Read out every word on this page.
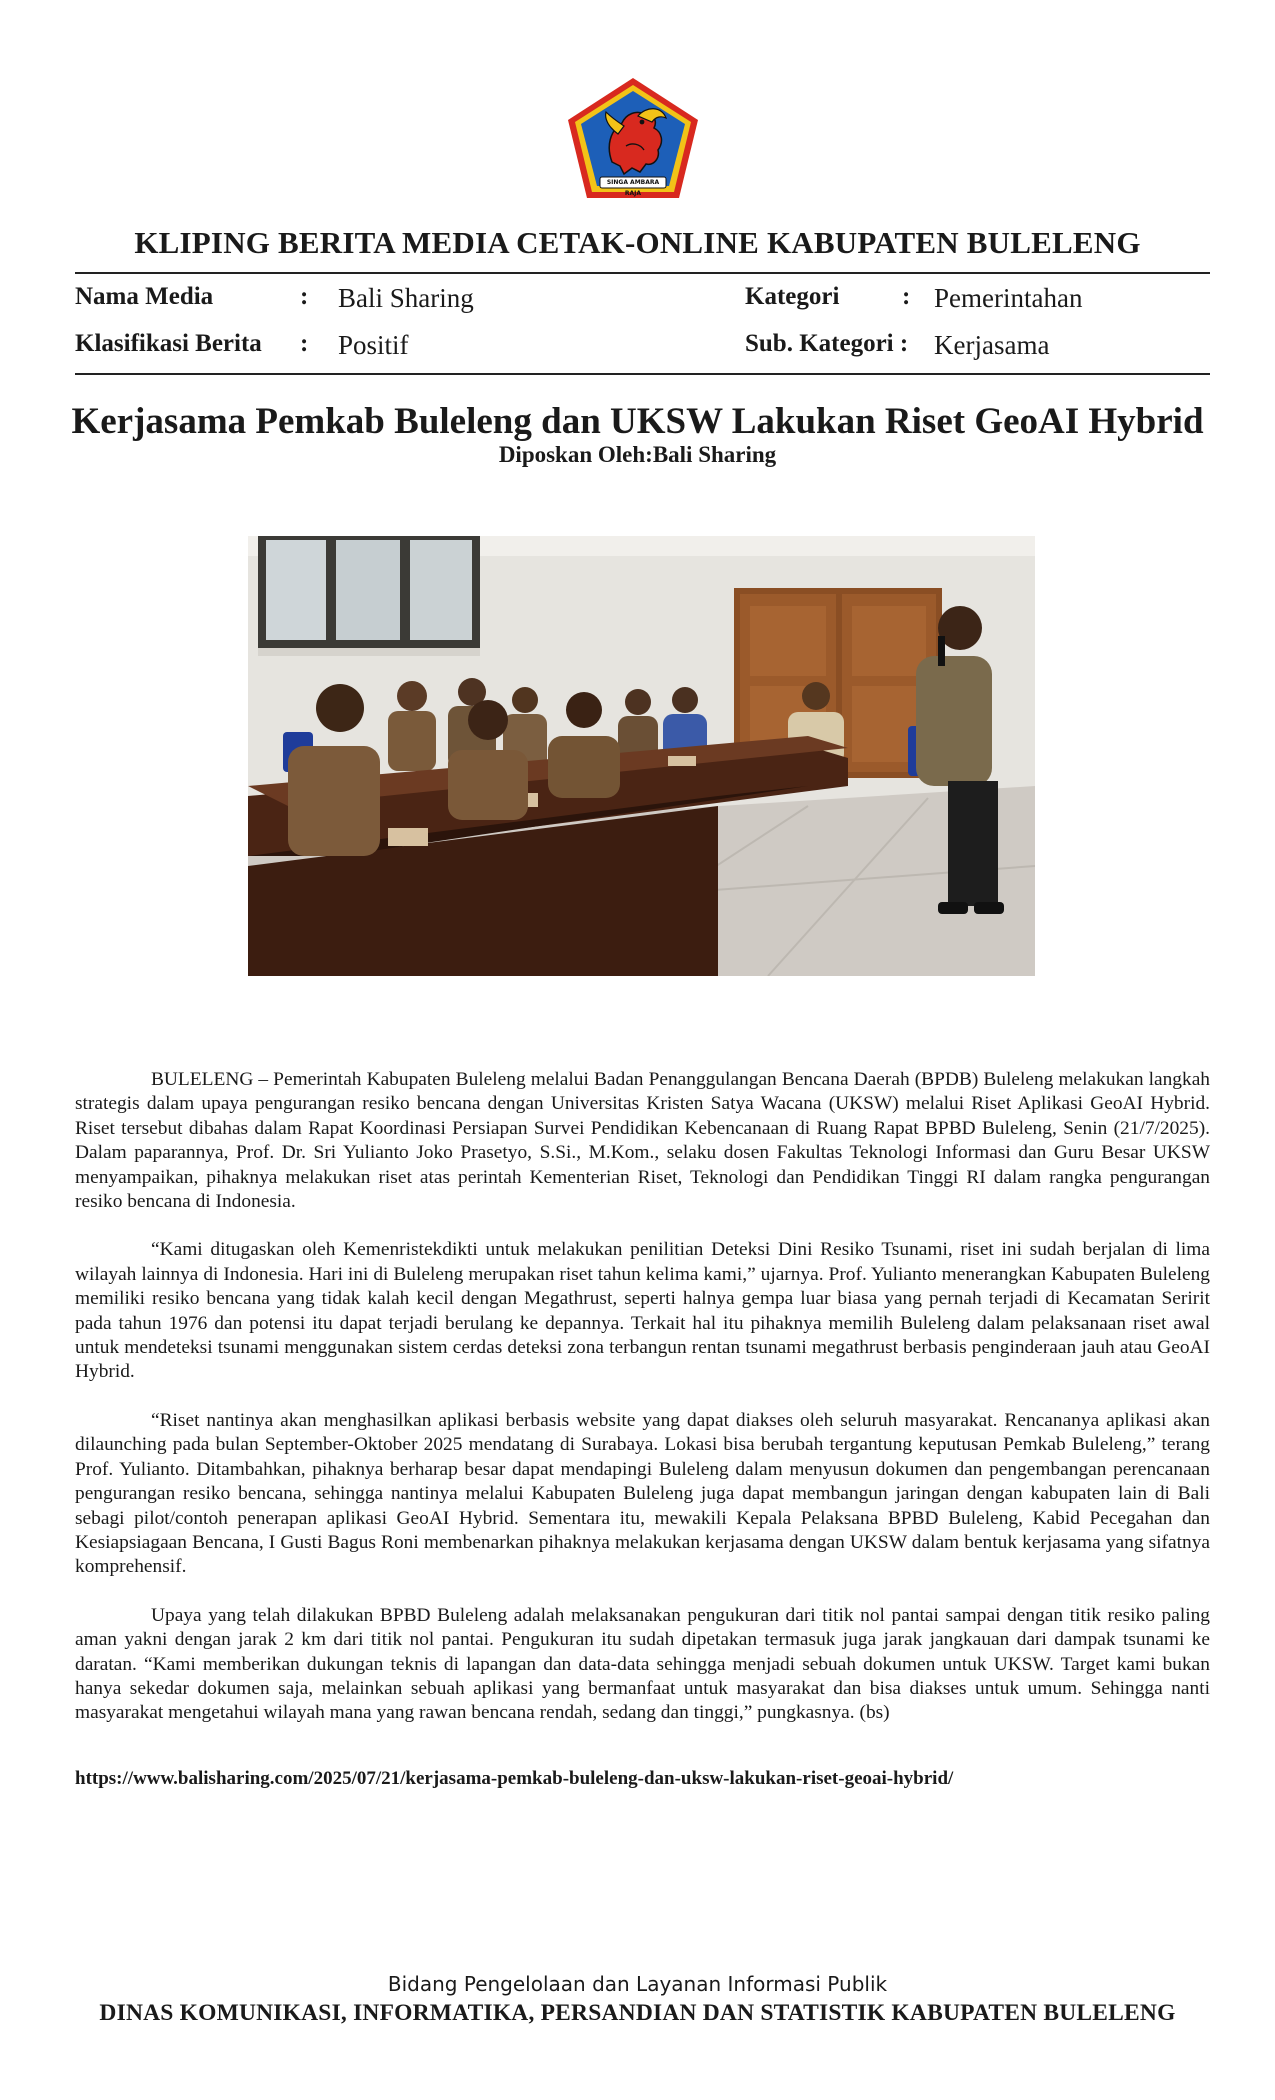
SINGA AMBARA RAJA
KLIPING BERITA MEDIA CETAK-ONLINE KABUPATEN BULELENG
Nama Media	: Bali Sharing	Kategori	: Pemerintahan
Klasifikasi Berita : Positif	Sub. Kategori : Kerjasama
Kerjasama Pemkab Buleleng dan UKSW Lakukan Riset GeoAI Hybrid
Diposkan Oleh:Bali Sharing

BULELENG – Pemerintah Kabupaten Buleleng melalui Badan Penanggulangan Bencana Daerah (BPDB) Buleleng melakukan langkah strategis dalam upaya pengurangan resiko bencana dengan Universitas Kristen Satya Wacana (UKSW) melalui Riset Aplikasi GeoAI Hybrid. Riset tersebut dibahas dalam Rapat Koordinasi Persiapan Survei Pendidikan Kebencanaan di Ruang Rapat BPBD Buleleng, Senin (21/7/2025). Dalam paparannya, Prof. Dr. Sri Yulianto Joko Prasetyo, S.Si., M.Kom., selaku dosen Fakultas Teknologi Informasi dan Guru Besar UKSW menyampaikan, pihaknya melakukan riset atas perintah Kementerian Riset, Teknologi dan Pendidikan Tinggi RI dalam rangka pengurangan resiko bencana di Indonesia.

“Kami ditugaskan oleh Kemenristekdikti untuk melakukan penilitian Deteksi Dini Resiko Tsunami, riset ini sudah berjalan di lima wilayah lainnya di Indonesia. Hari ini di Buleleng merupakan riset tahun kelima kami,” ujarnya. Prof. Yulianto menerangkan Kabupaten Buleleng memiliki resiko bencana yang tidak kalah kecil dengan Megathrust, seperti halnya gempa luar biasa yang pernah terjadi di Kecamatan Seririt pada tahun 1976 dan potensi itu dapat terjadi berulang ke depannya. Terkait hal itu pihaknya memilih Buleleng dalam pelaksanaan riset awal untuk mendeteksi tsunami menggunakan sistem cerdas deteksi zona terbangun rentan tsunami megathrust berbasis penginderaan jauh atau GeoAI Hybrid.

“Riset nantinya akan menghasilkan aplikasi berbasis website yang dapat diakses oleh seluruh masyarakat. Rencananya aplikasi akan dilaunching pada bulan September-Oktober 2025 mendatang di Surabaya. Lokasi bisa berubah tergantung keputusan Pemkab Buleleng,” terang Prof. Yulianto. Ditambahkan, pihaknya berharap besar dapat mendapingi Buleleng dalam menyusun dokumen dan pengembangan perencanaan pengurangan resiko bencana, sehingga nantinya melalui Kabupaten Buleleng juga dapat membangun jaringan dengan kabupaten lain di Bali sebagi pilot/contoh penerapan aplikasi GeoAI Hybrid. Sementara itu, mewakili Kepala Pelaksana BPBD Buleleng, Kabid Pecegahan dan Kesiapsiagaan Bencana, I Gusti Bagus Roni membenarkan pihaknya melakukan kerjasama dengan UKSW dalam bentuk kerjasama yang sifatnya komprehensif.

Upaya yang telah dilakukan BPBD Buleleng adalah melaksanakan pengukuran dari titik nol pantai sampai dengan titik resiko paling aman yakni dengan jarak 2 km dari titik nol pantai. Pengukuran itu sudah dipetakan termasuk juga jarak jangkauan dari dampak tsunami ke daratan. “Kami memberikan dukungan teknis di lapangan dan data-data sehingga menjadi sebuah dokumen untuk UKSW. Target kami bukan hanya sekedar dokumen saja, melainkan sebuah aplikasi yang bermanfaat untuk masyarakat dan bisa diakses untuk umum. Sehingga nanti masyarakat mengetahui wilayah mana yang rawan bencana rendah, sedang dan tinggi,” pungkasnya. (bs)

https://www.balisharing.com/2025/07/21/kerjasama-pemkab-buleleng-dan-uksw-lakukan-riset-geoai-hybrid/
Bidang Pengelolaan dan Layanan Informasi Publik
DINAS KOMUNIKASI, INFORMATIKA, PERSANDIAN DAN STATISTIK KABUPATEN BULELENG
